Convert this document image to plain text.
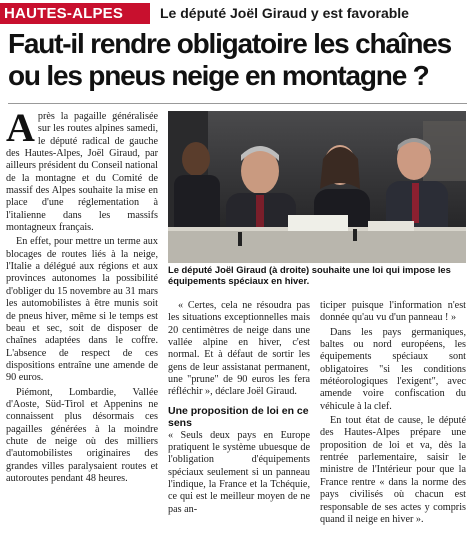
HAUTES-ALPES	Le député Joël Giraud y est favorable
Faut-il rendre obligatoire les chaînes ou les pneus neige en montagne ?

Après la pagaille généralisée sur les routes alpines samedi, le député radical de gauche des Hautes-Alpes, Joël Giraud, par ailleurs président du Conseil national de la montagne et du Comité de massif des Alpes souhaite la mise en place d'une réglementation à l'italienne dans les massifs montagneux français.

En effet, pour mettre un terme aux blocages de routes liés à la neige, l'Italie a délégué aux régions et aux provinces autonomes la possibilité d'obliger du 15 novembre au 31 mars les automobilistes à être munis soit de pneus hiver, même si le temps est beau et sec, soit de disposer de chaînes adaptées dans le coffre. L'absence de respect de ces dispositions entraîne une amende de 90 euros.

Piémont, Lombardie, Vallée d'Aoste, Süd-Tirol et Appenins ne connaissent plus désormais ces pagailles générées à la moindre chute de neige où des milliers d'automobilistes originaires des grandes villes paralysaient routes et autoroutes pendant 48 heures.

Le député Joël Giraud (à droite) souhaite une loi qui impose les équipements spéciaux en hiver.

« Certes, cela ne résoudra pas les situations exceptionnelles mais 20 centimètres de neige dans une vallée alpine en hiver, c'est normal. Et à défaut de sortir les gens de leur assistanat permanent, une "prune" de 90 euros les fera réfléchir », déclare Joël Giraud.

Une proposition de loi en ce sens

« Seuls deux pays en Europe pratiquent le système ubuesque de l'obligation d'équipements spéciaux seulement si un panneau l'indique, la France et la Tchéquie, ce qui est le meilleur moyen de ne pas an-

ticiper puisque l'information n'est donnée qu'au vu d'un panneau ! »

Dans les pays germaniques, baltes ou nord européens, les équipements spéciaux sont obligatoires "si les conditions météorologiques l'exigent", avec amende voire confiscation du véhicule à la clef.

En tout état de cause, le député des Hautes-Alpes prépare une proposition de loi et va, dès la rentrée parlementaire, saisir le ministre de l'Intérieur pour que la France rentre « dans la norme des pays civilisés où chacun est responsable de ses actes y compris quand il neige en hiver ».
